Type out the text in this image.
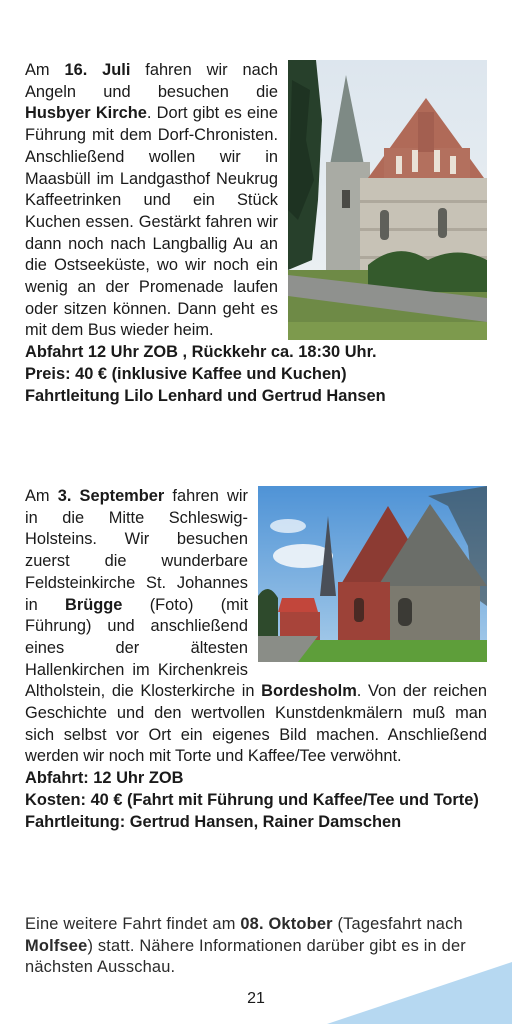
Am 16. Juli fahren wir nach Angeln und besuchen die Husbyer Kirche. Dort gibt es eine Führung mit dem Dorf-Chronisten. Anschließend wollen wir in Maasbüll im Landgasthof Neukrug Kaffeetrinken und ein Stück Kuchen essen. Gestärkt fahren wir dann noch nach Langballig Au an die Ostseeküste, wo wir noch ein wenig an der Promenade laufen oder sitzen können. Dann geht es mit dem Bus wieder heim.

Abfahrt 12 Uhr ZOB , Rückkehr ca. 18:30 Uhr.

Preis: 40 € (inklusive Kaffee und Kuchen)

Fahrtleitung Lilo Lenhard und Gertrud Hansen

Am 3. September fahren wir in die Mitte Schleswig-Holsteins. Wir besuchen zuerst die wunderbare Feldsteinkirche St. Johannes in Brügge (Foto) (mit Führung) und anschließend eines der ältesten Hallenkirchen im Kirchenkreis Altholstein, die Klosterkirche in Bordesholm. Von der reichen Geschichte und den wertvollen Kunstdenkmälern muß man sich selbst vor Ort ein eigenes Bild machen. Anschließend werden wir noch mit Torte und Kaffee/Tee verwöhnt.

Abfahrt: 12 Uhr ZOB

Kosten: 40 € (Fahrt mit Führung und Kaffee/Tee und Torte)

Fahrtleitung: Gertrud Hansen, Rainer Damschen

Eine weitere Fahrt findet am 08. Oktober (Tagesfahrt nach Molfsee) statt. Nähere Informationen darüber gibt es in der nächsten Ausschau.

21
